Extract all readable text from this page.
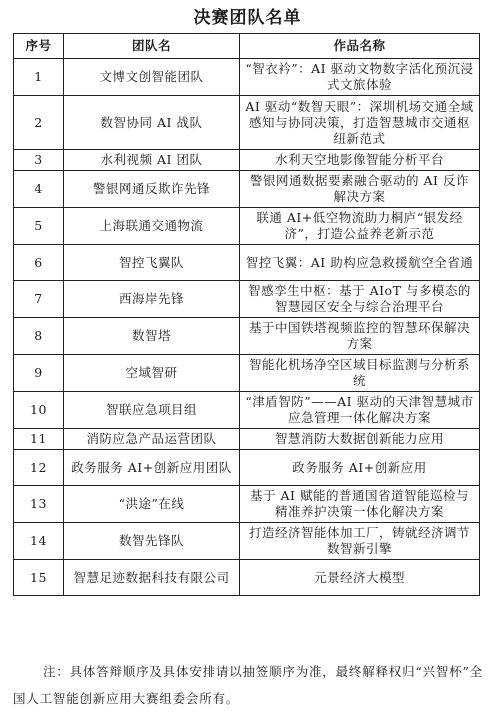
决赛团队名单
序号	团队名	作品名称
1	文博文创智能团队	“智衣衿”：AI 驱动文物数字活化预沉浸式文旅体验
2	数智协同 AI 战队	AI 驱动“数智天眼”：深圳机场交通全域感知与协同决策，打造智慧城市交通枢纽新范式
3	水利视频 AI 团队	水利天空地影像智能分析平台
4	警银网通反欺诈先锋	警银网通数据要素融合驱动的 AI 反诈解决方案
5	上海联通交通物流	联通 AI+低空物流助力桐庐“银发经济”，打造公益养老新示范
6	智控飞翼队	智控飞翼：AI 助构应急救援航空全省通
7	西海岸先锋	智感孪生中枢：基于 AIoT 与多模态的智慧园区安全与综合治理平台
8	数智塔	基于中国铁塔视频监控的智慧环保解决方案
9	空域智研	智能化机场净空区域目标监测与分析系统
10	智联应急项目组	“津盾智防”——AI 驱动的天津智慧城市应急管理一体化解决方案
11	消防应急产品运营团队	智慧消防大数据创新能力应用
12	政务服务 AI+创新应用团队	政务服务 AI+创新应用
13	“洪途”在线	基于 AI 赋能的普通国省道智能巡检与精准养护决策一体化解决方案
14	数智先锋队	打造经济智能体加工厂，铸就经济调节数智新引擎
15	智慧足迹数据科技有限公司	元景经济大模型
注：具体答辩顺序及具体安排请以抽签顺序为准，最终解释权归“兴智杯”全国人工智能创新应用大赛组委会所有。
